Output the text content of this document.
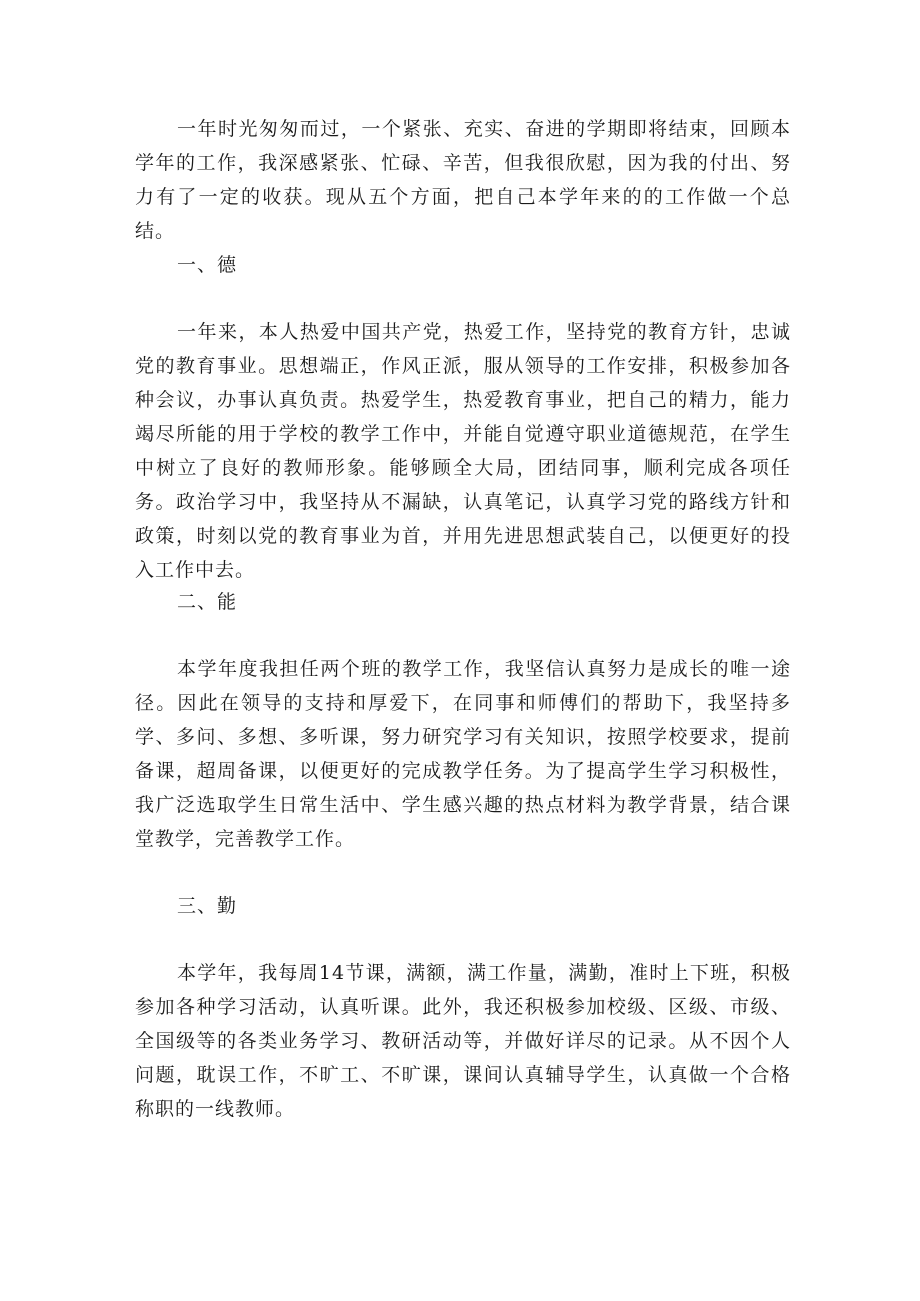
一年时光匆匆而过，一个紧张、充实、奋进的学期即将结束，回顾本学年的工作，我深感紧张、忙碌、辛苦，但我很欣慰，因为我的付出、努力有了一定的收获。现从五个方面，把自己本学年来的的工作做一个总结。

一、德

一年来，本人热爱中国共产党，热爱工作，坚持党的教育方针，忠诚党的教育事业。思想端正，作风正派，服从领导的工作安排，积极参加各种会议，办事认真负责。热爱学生，热爱教育事业，把自己的精力，能力竭尽所能的用于学校的教学工作中，并能自觉遵守职业道德规范，在学生中树立了良好的教师形象。能够顾全大局，团结同事，顺利完成各项任务。政治学习中，我坚持从不漏缺，认真笔记，认真学习党的路线方针和政策，时刻以党的教育事业为首，并用先进思想武装自己，以便更好的投入工作中去。

二、能

本学年度我担任两个班的教学工作，我坚信认真努力是成长的唯一途径。因此在领导的支持和厚爱下，在同事和师傅们的帮助下，我坚持多学、多问、多想、多听课，努力研究学习有关知识，按照学校要求，提前备课，超周备课，以便更好的完成教学任务。为了提高学生学习积极性，我广泛选取学生日常生活中、学生感兴趣的热点材料为教学背景，结合课堂教学，完善教学工作。

三、勤

本学年，我每周14节课，满额，满工作量，满勤，准时上下班，积极参加各种学习活动，认真听课。此外，我还积极参加校级、区级、市级、全国级等的各类业务学习、教研活动等，并做好详尽的记录。从不因个人问题，耽误工作，不旷工、不旷课，课间认真辅导学生，认真做一个合格称职的一线教师。
